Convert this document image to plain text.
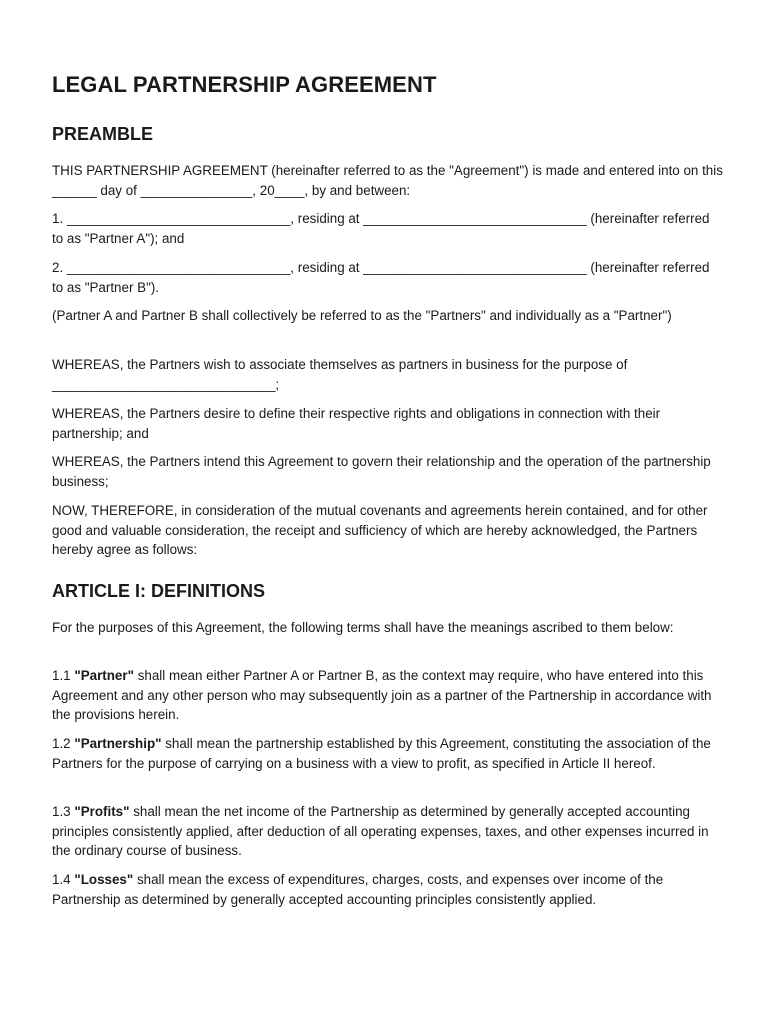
LEGAL PARTNERSHIP AGREEMENT
PREAMBLE

THIS PARTNERSHIP AGREEMENT (hereinafter referred to as the "Agreement") is made and entered into on this ______ day of _______________, 20____, by and between:

1. ______________________________, residing at ______________________________ (hereinafter referred to as "Partner A"); and

2. ______________________________, residing at ______________________________ (hereinafter referred to as "Partner B").

(Partner A and Partner B shall collectively be referred to as the "Partners" and individually as a "Partner")

WHEREAS, the Partners wish to associate themselves as partners in business for the purpose of ______________________________;

WHEREAS, the Partners desire to define their respective rights and obligations in connection with their partnership; and

WHEREAS, the Partners intend this Agreement to govern their relationship and the operation of the partnership business;

NOW, THEREFORE, in consideration of the mutual covenants and agreements herein contained, and for other good and valuable consideration, the receipt and sufficiency of which are hereby acknowledged, the Partners hereby agree as follows:

ARTICLE I: DEFINITIONS

For the purposes of this Agreement, the following terms shall have the meanings ascribed to them below:

1.1 "Partner" shall mean either Partner A or Partner B, as the context may require, who have entered into this Agreement and any other person who may subsequently join as a partner of the Partnership in accordance with the provisions herein.

1.2 "Partnership" shall mean the partnership established by this Agreement, constituting the association of the Partners for the purpose of carrying on a business with a view to profit, as specified in Article II hereof.

1.3 "Profits" shall mean the net income of the Partnership as determined by generally accepted accounting principles consistently applied, after deduction of all operating expenses, taxes, and other expenses incurred in the ordinary course of business.

1.4 "Losses" shall mean the excess of expenditures, charges, costs, and expenses over income of the Partnership as determined by generally accepted accounting principles consistently applied.
